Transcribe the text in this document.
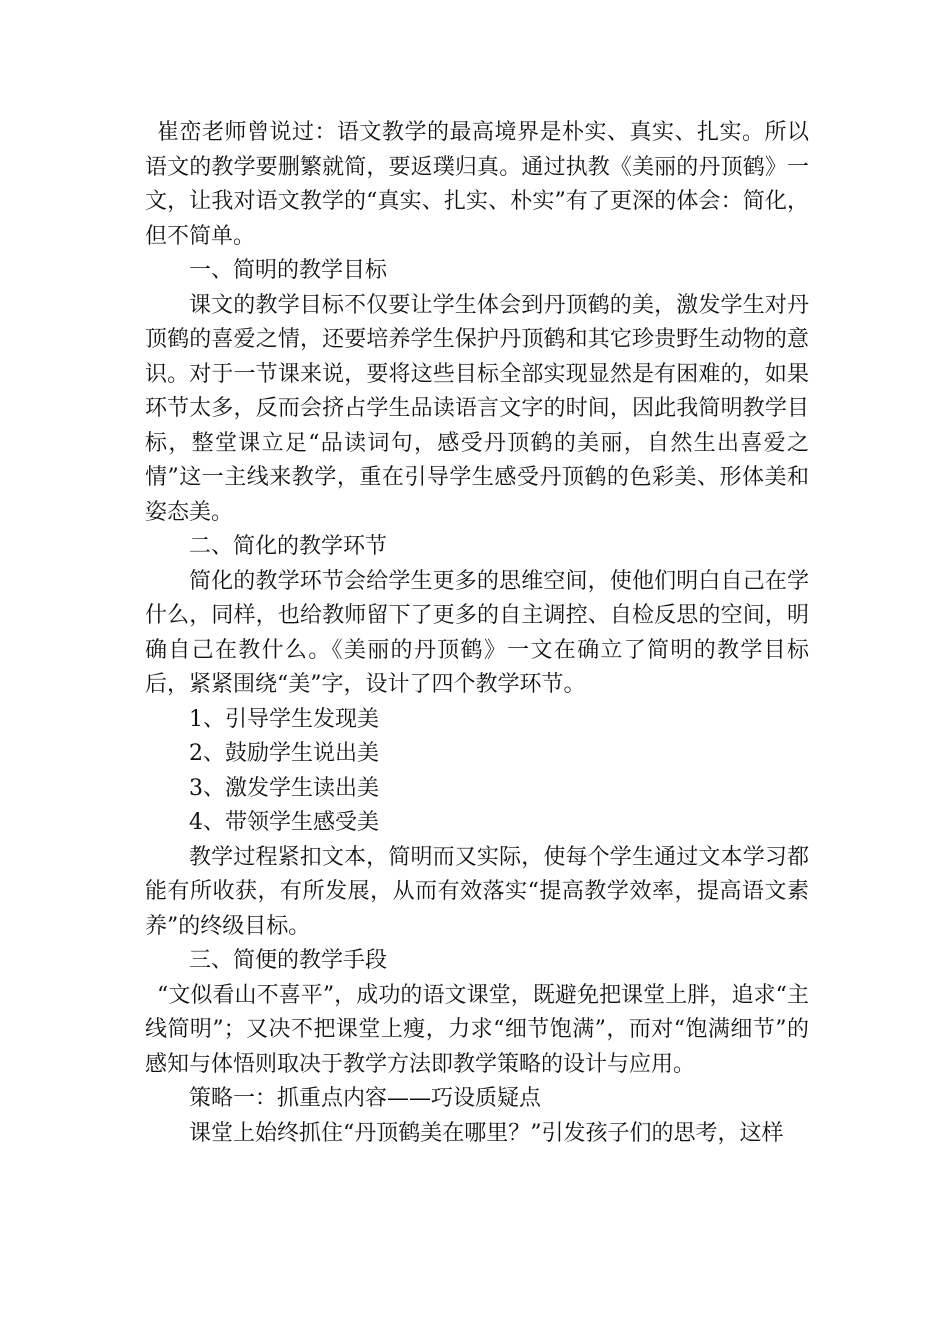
崔峦老师曾说过：语文教学的最高境界是朴实、真实、扎实。所以语文的教学要删繁就简，要返璞归真。通过执教《美丽的丹顶鹤》一文，让我对语文教学的“真实、扎实、朴实”有了更深的体会：简化，但不简单。

一、简明的教学目标

课文的教学目标不仅要让学生体会到丹顶鹤的美，激发学生对丹顶鹤的喜爱之情，还要培养学生保护丹顶鹤和其它珍贵野生动物的意识。对于一节课来说，要将这些目标全部实现显然是有困难的，如果环节太多，反而会挤占学生品读语言文字的时间，因此我简明教学目标，整堂课立足“品读词句，感受丹顶鹤的美丽，自然生出喜爱之情”这一主线来教学，重在引导学生感受丹顶鹤的色彩美、形体美和姿态美。

二、简化的教学环节

简化的教学环节会给学生更多的思维空间，使他们明白自己在学什么，同样，也给教师留下了更多的自主调控、自检反思的空间，明确自己在教什么。《美丽的丹顶鹤》一文在确立了简明的教学目标后，紧紧围绕“美”字，设计了四个教学环节。

1、引导学生发现美

2、鼓励学生说出美

3、激发学生读出美

4、带领学生感受美

教学过程紧扣文本，简明而又实际，使每个学生通过文本学习都能有所收获，有所发展，从而有效落实“提高教学效率，提高语文素养”的终级目标。

三、简便的教学手段

“文似看山不喜平”，成功的语文课堂，既避免把课堂上胖，追求“主线简明”；又决不把课堂上瘦，力求“细节饱满”，而对“饱满细节”的感知与体悟则取决于教学方法即教学策略的设计与应用。

策略一：抓重点内容——巧设质疑点

课堂上始终抓住“丹顶鹤美在哪里？”引发孩子们的思考，这样
